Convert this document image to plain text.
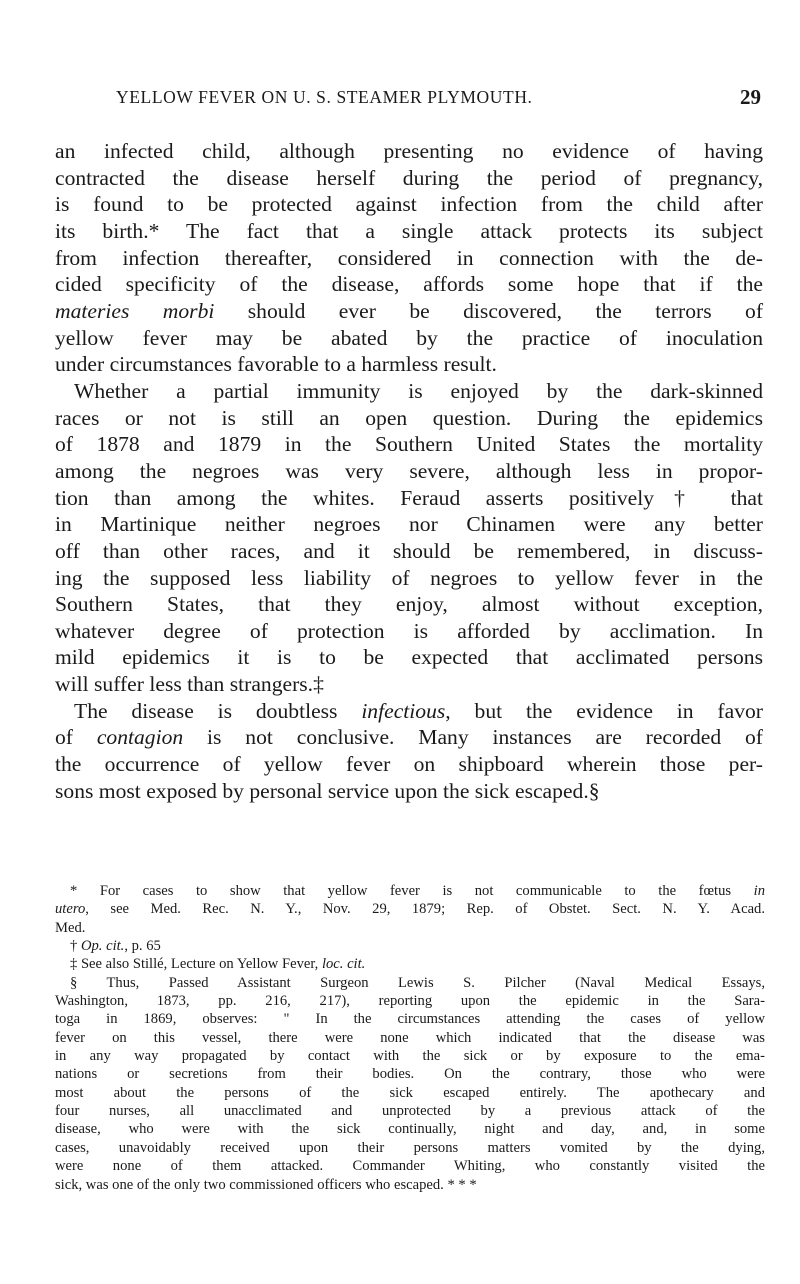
YELLOW FEVER ON U. S. STEAMER PLYMOUTH.	29
an infected child, although presenting no evidence of having
contracted the disease herself during the period of pregnancy,
is found to be protected against infection from the child after
its birth.* The fact that a single attack protects its subject
from infection thereafter, considered in connection with the de-
cided specificity of the disease, affords some hope that if the
materies morbi should ever be discovered, the terrors of
yellow fever may be abated by the practice of inoculation
under circumstances favorable to a harmless result.
Whether a partial immunity is enjoyed by the dark-skinned
races or not is still an open question. During the epidemics
of 1878 and 1879 in the Southern United States the mortality
among the negroes was very severe, although less in propor-
tion than among the whites. Feraud asserts positively† that
in Martinique neither negroes nor Chinamen were any better
off than other races, and it should be remembered, in discuss-
ing the supposed less liability of negroes to yellow fever in the
Southern States, that they enjoy, almost without exception,
whatever degree of protection is afforded by acclimation. In
mild epidemics it is to be expected that acclimated persons
will suffer less than strangers.‡
The disease is doubtless infectious, but the evidence in favor
of contagion is not conclusive. Many instances are recorded of
the occurrence of yellow fever on shipboard wherein those per-
sons most exposed by personal service upon the sick escaped.§
* For cases to show that yellow fever is not communicable to the fœtus in
utero, see Med. Rec. N. Y., Nov. 29, 1879; Rep. of Obstet. Sect. N. Y. Acad.
Med.
† Op. cit., p. 65
‡ See also Stillé, Lecture on Yellow Fever, loc. cit.
§ Thus, Passed Assistant Surgeon Lewis S. Pilcher (Naval Medical Essays,
Washington, 1873, pp. 216, 217), reporting upon the epidemic in the Sara-
toga in 1869, observes: " In the circumstances attending the cases of yellow
fever on this vessel, there were none which indicated that the disease was
in any way propagated by contact with the sick or by exposure to the ema-
nations or secretions from their bodies. On the contrary, those who were
most about the persons of the sick escaped entirely. The apothecary and
four nurses, all unacclimated and unprotected by a previous attack of the
disease, who were with the sick continually, night and day, and, in some
cases, unavoidably received upon their persons matters vomited by the dying,
were none of them attacked. Commander Whiting, who constantly visited the
sick, was one of the only two commissioned officers who escaped. * * *
